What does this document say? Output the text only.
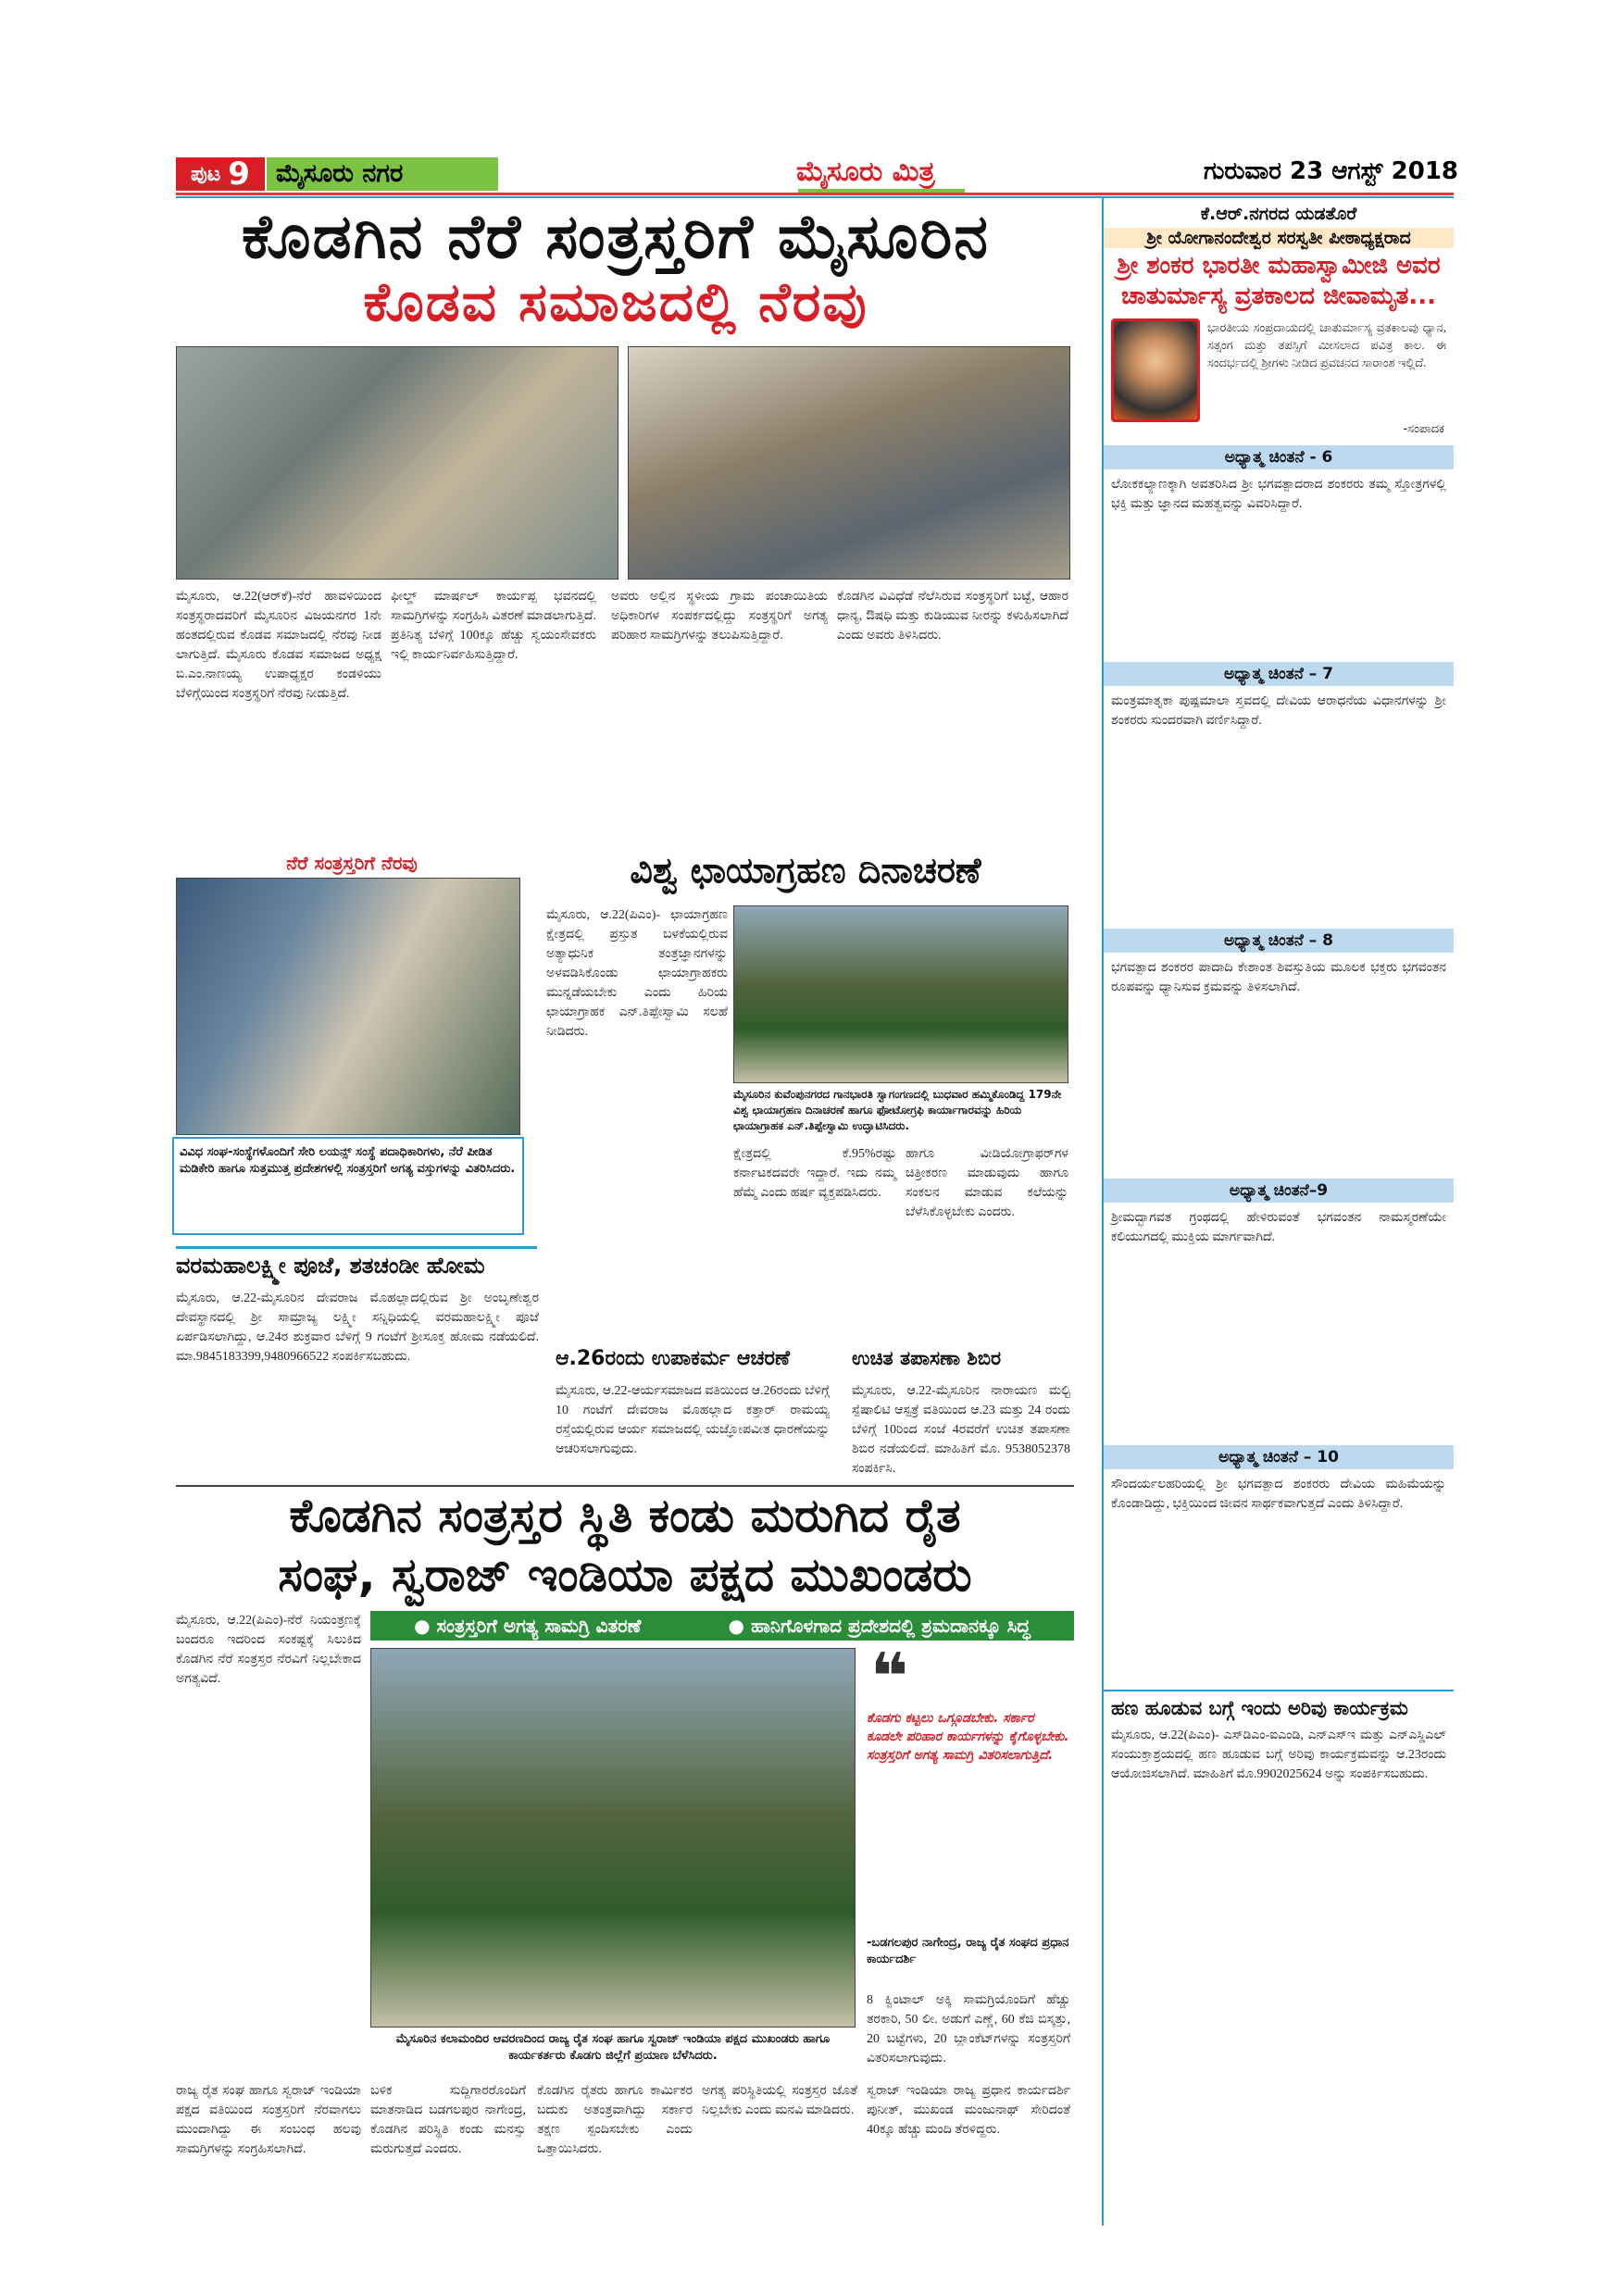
ಪುಟ 9	ಮೈಸೂರು ನಗರ	ಮೈಸೂರು ಮಿತ್ರ	ಗುರುವಾರ 23 ಆಗಸ್ಟ್ 2018
ಕೊಡಗಿನ ನೆರೆ ಸಂತ್ರಸ್ತರಿಗೆ ಮೈಸೂರಿನ
ಕೊಡವ ಸಮಾಜದಲ್ಲಿ ನೆರವು
ಮೈಸೂರು, ಆ.22(ಆರ್‌ಕೆ)-ನೆರೆ ಹಾವಳಿಯಿಂದ ಸಂತ್ರಸ್ಥರಾದವರಿಗೆ ಮೈಸೂರಿನ ವಿಜಯನಗರ 1ನೇ ಹಂತದಲ್ಲಿರುವ ಕೊಡವ ಸಮಾಜದಲ್ಲಿ ನೆರವು ನೀಡ ಲಾಗುತ್ತಿದೆ. ಮೈಸೂರು ಕೊಡವ ಸಮಾಜದ ಅಧ್ಯಕ್ಷ ಬಿ.ಎಂ.ನಾಣಯ್ಯ ಉಪಾಧ್ಯಕ್ಷರ ಕಂಡಳಿಯು ಬೆಳಿಗ್ಗೆಯಿಂದ ಸಂತ್ರಸ್ಥರಿಗೆ ನೆರವು ನೀಡುತ್ತಿದೆ.
ಫೀಲ್ಡ್ ಮಾರ್ಷಲ್ ಕಾರ್ಯಪ್ಪ ಭವನದಲ್ಲಿ ಸಾಮಗ್ರಿಗಳನ್ನು ಸಂಗ್ರಹಿಸಿ ವಿತರಣೆ ಮಾಡಲಾಗುತ್ತಿದೆ. ಪ್ರತಿನಿತ್ಯ ಬೆಳಿಗ್ಗೆ 100ಕ್ಕೂ ಹೆಚ್ಚು ಸ್ವಯಂಸೇವಕರು ಇಲ್ಲಿ ಕಾರ್ಯನಿರ್ವಹಿಸುತ್ತಿದ್ದಾರೆ.
ಅವರು ಅಲ್ಲಿನ ಸ್ಥಳೀಯ ಗ್ರಾಮ ಪಂಚಾಯಿತಿಯ ಅಧಿಕಾರಿಗಳ ಸಂಪರ್ಕದಲ್ಲಿದ್ದು ಸಂತ್ರಸ್ಥರಿಗೆ ಅಗತ್ಯ ಪರಿಹಾರ ಸಾಮಗ್ರಿಗಳನ್ನು ತಲುಪಿಸುತ್ತಿದ್ದಾರೆ.
ಕೊಡಗಿನ ವಿವಿಧೆಡೆ ನೆಲೆಸಿರುವ ಸಂತ್ರಸ್ಥರಿಗೆ ಬಟ್ಟೆ, ಆಹಾರ ಧಾನ್ಯ, ಔಷಧಿ ಮತ್ತು ಕುಡಿಯುವ ನೀರನ್ನು ಕಳುಹಿಸಲಾಗಿದೆ ಎಂದು ಅವರು ತಿಳಿಸಿದರು.
ನೆರೆ ಸಂತ್ರಸ್ತರಿಗೆ ನೆರವು
ವಿವಿಧ ಸಂಘ-ಸಂಸ್ಥೆಗಳೊಂದಿಗೆ ಸೇರಿ ಲಯನ್ಸ್ ಸಂಸ್ಥೆ ಪದಾಧಿಕಾರಿಗಳು, ನೆರೆ ಪೀಡಿತ ಮಡಿಕೇರಿ ಹಾಗೂ ಸುತ್ತಮುತ್ತ ಪ್ರದೇಶಗಳಲ್ಲಿ ಸಂತ್ರಸ್ತರಿಗೆ ಅಗತ್ಯ ವಸ್ತುಗಳನ್ನು ವಿತರಿಸಿದರು.
ವಿಶ್ವ ಛಾಯಾಗ್ರಹಣ ದಿನಾಚರಣೆ
ಮೈಸೂರು, ಆ.22(ಪಿಎಂ)- ಛಾಯಾಗ್ರಹಣ ಕ್ಷೇತ್ರದಲ್ಲಿ ಪ್ರಸ್ತುತ ಬಳಕೆಯಲ್ಲಿರುವ ಅತ್ಯಾಧುನಿಕ ತಂತ್ರಜ್ಞಾನಗಳನ್ನು ಅಳವಡಿಸಿಕೊಂಡು ಛಾಯಾಗ್ರಾಹಕರು ಮುನ್ನಡೆಯಬೇಕು ಎಂದು ಹಿರಿಯ ಛಾಯಾಗ್ರಾಹಕ ಎನ್.ತಿಪ್ಪೇಸ್ವಾಮಿ ಸಲಹೆ ನೀಡಿದರು.
ಮೈಸೂರಿನ ಕುವೆಂಪುನಗರದ ಗಾನಭಾರತಿ ಸ್ವಾಗಂಗಣದಲ್ಲಿ ಬುಧವಾರ ಹಮ್ಮಿಕೊಂಡಿದ್ದ 179ನೇ ವಿಶ್ವ ಛಾಯಾಗ್ರಹಣ ದಿನಾಚರಣೆ ಹಾಗೂ ಫೋಟೋಗ್ರಫಿ ಕಾರ್ಯಾಗಾರವನ್ನು ಹಿರಿಯ ಛಾಯಾಗ್ರಾಹಕ ಎನ್.ತಿಪ್ಪೇಸ್ವಾಮಿ ಉದ್ಘಾಟಿಸಿದರು.
ಕ್ಷೇತ್ರದಲ್ಲಿ ಕೆ.95%ರಷ್ಟು ಕರ್ನಾಟಕದವರೇ ಇದ್ದಾರೆ. ಇದು ನಮ್ಮ ಹೆಮ್ಮೆ ಎಂದು ಹರ್ಷ ವ್ಯಕ್ತಪಡಿಸಿದರು.
ಹಾಗೂ ವೀಡಿಯೋಗ್ರಾಫರ್‌ಗಳ ಚಿತ್ರೀಕರಣ ಮಾಡುವುದು ಹಾಗೂ ಸಂಕಲನ ಮಾಡುವ ಕಲೆಯನ್ನು ಬೆಳೆಸಿಕೊಳ್ಳಬೇಕು ಎಂದರು.
ವರಮಹಾಲಕ್ಷ್ಮೀ ಪೂಜೆ, ಶತಚಂಡೀ ಹೋಮ
ಮೈಸೂರು, ಆ.22-ಮೈಸೂರಿನ ದೇವರಾಜ ಮೊಹಲ್ಲಾದಲ್ಲಿರುವ ಶ್ರೀ ಅಂಬೃಣೇಶ್ವರ ದೇವಸ್ಥಾನದಲ್ಲಿ ಶ್ರೀ ಸಾಮ್ರಾಜ್ಯ ಲಕ್ಷ್ಮೀ ಸನ್ನಿಧಿಯಲ್ಲಿ ವರಮಹಾಲಕ್ಷ್ಮೀ ಪೂಜೆ ಏರ್ಪಡಿಸಲಾಗಿದ್ದು, ಆ.24ರ ಶುಕ್ರವಾರ ಬೆಳಿಗ್ಗೆ 9 ಗಂಟೆಗೆ ಶ್ರೀಸೂಕ್ತ ಹೋಮ ನಡೆಯಲಿದೆ. ಮಾ.9845183399,9480966522 ಸಂಪರ್ಕಿಸಬಹುದು.	ಆ.26ರಂದು ಉಪಾಕರ್ಮ ಆಚರಣೆ
ಮೈಸೂರು, ಆ.22-ಆರ್ಯಸಮಾಜದ ವತಿಯಿಂದ ಆ.26ರಂದು ಬೆಳಿಗ್ಗೆ 10 ಗಂಟೆಗೆ ದೇವರಾಜ ಮೊಹಲ್ಲಾದ ಕತ್ತಾರ್ ರಾಮಯ್ಯ ರಸ್ತೆಯಲ್ಲಿರುವ ಆರ್ಯ ಸಮಾಜದಲ್ಲಿ ಯಜ್ಞೋಪವೀತ ಧಾರಣೆಯನ್ನು ಆಚರಿಸಲಾಗುವುದು.
ಉಚಿತ ತಪಾಸಣಾ ಶಿಬಿರ
ಮೈಸೂರು, ಆ.22-ಮೈಸೂರಿನ ನಾರಾಯಣ ಮಲ್ಟಿ ಸ್ಪೆಷಾಲಿಟಿ ಆಸ್ಪತ್ರೆ ವತಿಯಿಂದ ಆ.23 ಮತ್ತು 24 ರಂದು ಬೆಳಿಗ್ಗೆ 10ರಿಂದ ಸಂಜೆ 4ರವರೆಗೆ ಉಚಿತ ತಪಾಸಣಾ ಶಿಬಿರ ನಡೆಯಲಿದೆ. ಮಾಹಿತಿಗೆ ಮೊ. 9538052378 ಸಂಪರ್ಕಿಸಿ.
ಕೊಡಗಿನ ಸಂತ್ರಸ್ತರ ಸ್ಥಿತಿ ಕಂಡು ಮರುಗಿದ ರೈತ
ಸಂಘ, ಸ್ವರಾಜ್ ಇಂಡಿಯಾ ಪಕ್ಷದ ಮುಖಂಡರು
ಮೈಸೂರು, ಆ.22(ಪಿಎಂ)-ನೆರೆ ನಿಯಂತ್ರಣಕ್ಕೆ ಬಂದರೂ ಇದರಿಂದ ಸಂಕಷ್ಟಕ್ಕೆ ಸಿಲುಕಿದ ಕೊಡಗಿನ ನೆರೆ ಸಂತ್ರಸ್ತರ ನೆರವಿಗೆ ನಿಲ್ಲಬೇಕಾದ ಅಗತ್ಯವಿದೆ.
● ಸಂತ್ರಸ್ತರಿಗೆ ಅಗತ್ಯ ಸಾಮಗ್ರಿ ವಿತರಣೆ	● ಹಾನಿಗೊಳಗಾದ ಪ್ರದೇಶದಲ್ಲಿ ಶ್ರಮದಾನಕ್ಕೂ ಸಿದ್ಧ
ಮೈಸೂರಿನ ಕಲಾಮಂದಿರ ಆವರಣದಿಂದ ರಾಜ್ಯ ರೈತ ಸಂಘ ಹಾಗೂ ಸ್ವರಾಜ್ ಇಂಡಿಯಾ ಪಕ್ಷದ ಮುಖಂಡರು ಹಾಗೂ ಕಾರ್ಯಕರ್ತರು ಕೊಡಗು ಜಿಲ್ಲೆಗೆ ಪ್ರಯಾಣ ಬೆಳೆಸಿದರು.
❝
ಕೊಡಗು ಕಟ್ಟಲು ಒಗ್ಗೂಡಬೇಕು. ಸರ್ಕಾರ ಕೂಡಲೇ ಪರಿಹಾರ ಕಾರ್ಯಗಳನ್ನು ಕೈಗೊಳ್ಳಬೇಕು. ಸಂತ್ರಸ್ತರಿಗೆ ಅಗತ್ಯ ಸಾಮಗ್ರಿ ವಿತರಿಸಲಾಗುತ್ತಿದೆ.
-ಬಡಗಲಪುರ ನಾಗೇಂದ್ರ, ರಾಜ್ಯ ರೈತ ಸಂಘದ ಪ್ರಧಾನ ಕಾರ್ಯದರ್ಶಿ
8 ಕ್ವಿಂಟಾಲ್ ಅಕ್ಕಿ ಸಾಮಗ್ರಿಯೊಂದಿಗೆ ಹೆಚ್ಚು ತರಕಾರಿ, 50 ಲೀ. ಅಡುಗೆ ಎಣ್ಣೆ, 60 ಕೆಜಿ ಬಿಸ್ಕತ್ತು, 20 ಬಟ್ಟೆಗಳು, 20 ಬ್ಲಾಂಕೆಟ್‌ಗಳನ್ನು ಸಂತ್ರಸ್ತರಿಗೆ ವಿತರಿಸಲಾಗುವುದು.
ರಾಜ್ಯ ರೈತ ಸಂಘ ಹಾಗೂ ಸ್ವರಾಜ್ ಇಂಡಿಯಾ ಪಕ್ಷದ ವತಿಯಿಂದ ಸಂತ್ರಸ್ತರಿಗೆ ನೆರವಾಗಲು ಮುಂದಾಗಿದ್ದು ಈ ಸಂಬಂಧ ಹಲವು ಸಾಮಗ್ರಿಗಳನ್ನು ಸಂಗ್ರಹಿಸಲಾಗಿದೆ.
ಬಳಿಕ ಸುದ್ದಿಗಾರರೊಂದಿಗೆ ಮಾತನಾಡಿದ ಬಡಗಲಪುರ ನಾಗೇಂದ್ರ, ಕೊಡಗಿನ ಪರಿಸ್ಥಿತಿ ಕಂಡು ಮನಸ್ಸು ಮರುಗುತ್ತದೆ ಎಂದರು.
ಕೊಡಗಿನ ರೈತರು ಹಾಗೂ ಕಾರ್ಮಿಕರ ಬದುಕು ಅತಂತ್ರವಾಗಿದ್ದು ಸರ್ಕಾರ ತಕ್ಷಣ ಸ್ಪಂದಿಸಬೇಕು ಎಂದು ಒತ್ತಾಯಿಸಿದರು.
ಅಗತ್ಯ ಪರಿಸ್ಥಿತಿಯಲ್ಲಿ ಸಂತ್ರಸ್ತರ ಜೊತೆ ನಿಲ್ಲಬೇಕು ಎಂದು ಮನವಿ ಮಾಡಿದರು.
ಸ್ವರಾಜ್ ಇಂಡಿಯಾ ರಾಜ್ಯ ಪ್ರಧಾನ ಕಾರ್ಯದರ್ಶಿ ಪುನೀತ್, ಮುಖಂಡ ಮಂಜುನಾಥ್ ಸೇರಿದಂತೆ 40ಕ್ಕೂ ಹೆಚ್ಚು ಮಂದಿ ತೆರಳಿದ್ದರು.
ಕೆ.ಆರ್.ನಗರದ ಯಡತೊರೆ
ಶ್ರೀ ಯೋಗಾನಂದೇಶ್ವರ ಸರಸ್ವತೀ ಪೀಠಾಧ್ಯಕ್ಷರಾದ
ಶ್ರೀ ಶಂಕರ ಭಾರತೀ ಮಹಾಸ್ವಾಮೀಜಿ ಅವರ
ಚಾತುರ್ಮಾಸ್ಯ ವ್ರತಕಾಲದ ಜೀವಾಮೃತ...
ಭಾರತೀಯ ಸಂಪ್ರದಾಯದಲ್ಲಿ ಚಾತುರ್ಮಾಸ್ಯ ವ್ರತಕಾಲವು ಧ್ಯಾನ, ಸತ್ಸಂಗ ಮತ್ತು ತಪಸ್ಸಿಗೆ ಮೀಸಲಾದ ಪವಿತ್ರ ಕಾಲ. ಈ ಸಂದರ್ಭದಲ್ಲಿ ಶ್ರೀಗಳು ನೀಡಿದ ಪ್ರವಚನದ ಸಾರಾಂಶ ಇಲ್ಲಿದೆ.
-ಸಂಪಾದಕ
ಅಧ್ಯಾತ್ಮ ಚಿಂತನೆ - 6
ಲೋಕಕಲ್ಯಾಣಕ್ಕಾಗಿ ಅವತರಿಸಿದ ಶ್ರೀ ಭಗವತ್ಪಾದರಾದ ಶಂಕರರು ತಮ್ಮ ಸ್ತೋತ್ರಗಳಲ್ಲಿ ಭಕ್ತಿ ಮತ್ತು ಜ್ಞಾನದ ಮಹತ್ವವನ್ನು ವಿವರಿಸಿದ್ದಾರೆ.
ಅಧ್ಯಾತ್ಮ ಚಿಂತನೆ – 7
ಮಂತ್ರಮಾತೃಕಾ ಪುಷ್ಪಮಾಲಾ ಸ್ತವದಲ್ಲಿ ದೇವಿಯ ಆರಾಧನೆಯ ವಿಧಾನಗಳನ್ನು ಶ್ರೀ ಶಂಕರರು ಸುಂದರವಾಗಿ ವರ್ಣಿಸಿದ್ದಾರೆ.
ಅಧ್ಯಾತ್ಮ ಚಿಂತನೆ – 8
ಭಗವತ್ಪಾದ ಶಂಕರರ ಪಾದಾದಿ ಕೇಶಾಂತ ಶಿವಸ್ತುತಿಯ ಮೂಲಕ ಭಕ್ತರು ಭಗವಂತನ ರೂಪವನ್ನು ಧ್ಯಾನಿಸುವ ಕ್ರಮವನ್ನು ತಿಳಿಸಲಾಗಿದೆ.
ಅಧ್ಯಾತ್ಮ ಚಿಂತನೆ–9
ಶ್ರೀಮದ್ಭಾಗವತ ಗ್ರಂಥದಲ್ಲಿ ಹೇಳಿರುವಂತೆ ಭಗವಂತನ ನಾಮಸ್ಮರಣೆಯೇ ಕಲಿಯುಗದಲ್ಲಿ ಮುಕ್ತಿಯ ಮಾರ್ಗವಾಗಿದೆ.
ಅಧ್ಯಾತ್ಮ ಚಿಂತನೆ – 10
ಸೌಂದರ್ಯಲಹರಿಯಲ್ಲಿ ಶ್ರೀ ಭಗವತ್ಪಾದ ಶಂಕರರು ದೇವಿಯ ಮಹಿಮೆಯನ್ನು ಕೊಂಡಾಡಿದ್ದು, ಭಕ್ತಿಯಿಂದ ಜೀವನ ಸಾರ್ಥಕವಾಗುತ್ತದೆ ಎಂದು ತಿಳಿಸಿದ್ದಾರೆ.
ಹಣ ಹೂಡುವ ಬಗ್ಗೆ ಇಂದು ಅರಿವು ಕಾರ್ಯಕ್ರಮ
ಮೈಸೂರು, ಆ.22(ಪಿಎಂ)- ಎಸ್‌ಡಿಎಂ-ಐಎಂಡಿ, ಎನ್ಎಸ್ಇ ಮತ್ತು ಎನ್ಎಸ್ಡಿಎಲ್ ಸಂಯುಕ್ತಾಶ್ರಯದಲ್ಲಿ ಹಣ ಹೂಡುವ ಬಗ್ಗೆ ಅರಿವು ಕಾರ್ಯಕ್ರಮವನ್ನು ಆ.23ರಂದು ಆಯೋಜಿಸಲಾಗಿದೆ. ಮಾಹಿತಿಗೆ ಮೊ.9902025624 ಅನ್ನು ಸಂಪರ್ಕಿಸಬಹುದು.
